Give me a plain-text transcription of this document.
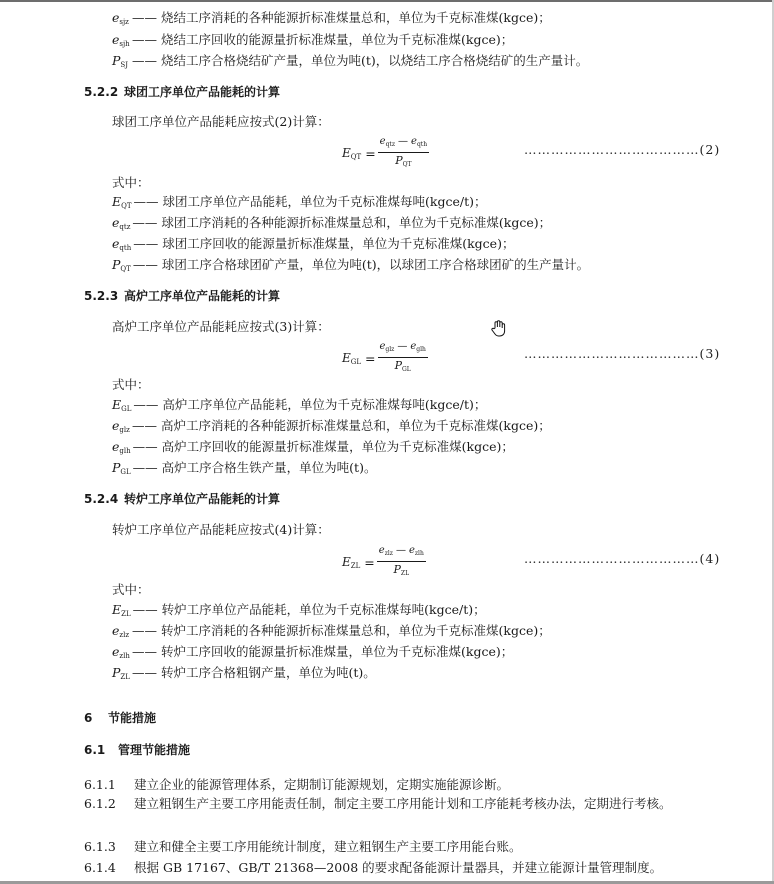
$e_{sjz}$ —— 烧结工序消耗的各种能源折标准煤量总和，单位为千克标准煤(kgce)；
$e_{sjh}$ —— 烧结工序回收的能源量折标准煤量，单位为千克标准煤(kgce)；
$P_{SJ}$ —— 烧结工序合格烧结矿产量，单位为吨(t)，以烧结工序合格烧结矿的生产量计。
5.2.2 球团工序单位产品能耗的计算
球团工序单位产品能耗应按式(2)计算：
$E_{QT} = \frac{e_{qtz} — e_{qth}}{P_{QT}}$	…………………………………(2)
式中：
$E_{QT}$ —— 球团工序单位产品能耗，单位为千克标准煤每吨(kgce/t)；
$e_{qtz}$ —— 球团工序消耗的各种能源折标准煤量总和，单位为千克标准煤(kgce)；
$e_{qth}$ —— 球团工序回收的能源量折标准煤量，单位为千克标准煤(kgce)；
$P_{QT}$ —— 球团工序合格球团矿产量，单位为吨(t)，以球团工序合格球团矿的生产量计。
5.2.3 高炉工序单位产品能耗的计算
高炉工序单位产品能耗应按式(3)计算：
$E_{GL} = \frac{e_{glz} — e_{glh}}{P_{GL}}$	…………………………………(3)
式中：
$E_{GL}$ —— 高炉工序单位产品能耗，单位为千克标准煤每吨(kgce/t)；
$e_{glz}$ —— 高炉工序消耗的各种能源折标准煤量总和，单位为千克标准煤(kgce)；
$e_{glh}$ —— 高炉工序回收的能源量折标准煤量，单位为千克标准煤(kgce)；
$P_{GL}$ —— 高炉工序合格生铁产量，单位为吨(t)。
5.2.4 转炉工序单位产品能耗的计算
转炉工序单位产品能耗应按式(4)计算：
$E_{ZL} = \frac{e_{zlz} — e_{zlh}}{P_{ZL}}$	…………………………………(4)
式中：
$E_{ZL}$ —— 转炉工序单位产品能耗，单位为千克标准煤每吨(kgce/t)；
$e_{zlz}$ —— 转炉工序消耗的各种能源折标准煤量总和，单位为千克标准煤(kgce)；
$e_{zlh}$ —— 转炉工序回收的能源量折标准煤量，单位为千克标准煤(kgce)；
$P_{ZL}$ —— 转炉工序合格粗钢产量，单位为吨(t)。
6 节能措施
6.1 管理节能措施
6.1.1 建立企业的能源管理体系，定期制订能源规划，定期实施能源诊断。
6.1.2 建立粗钢生产主要工序用能责任制，制定主要工序用能计划和工序能耗考核办法，定期进行考核。
6.1.3 建立和健全主要工序用能统计制度，建立粗钢生产主要工序用能台账。
6.1.4 根据 GB 17167、GB/T 21368—2008 的要求配备能源计量器具，并建立能源计量管理制度。
